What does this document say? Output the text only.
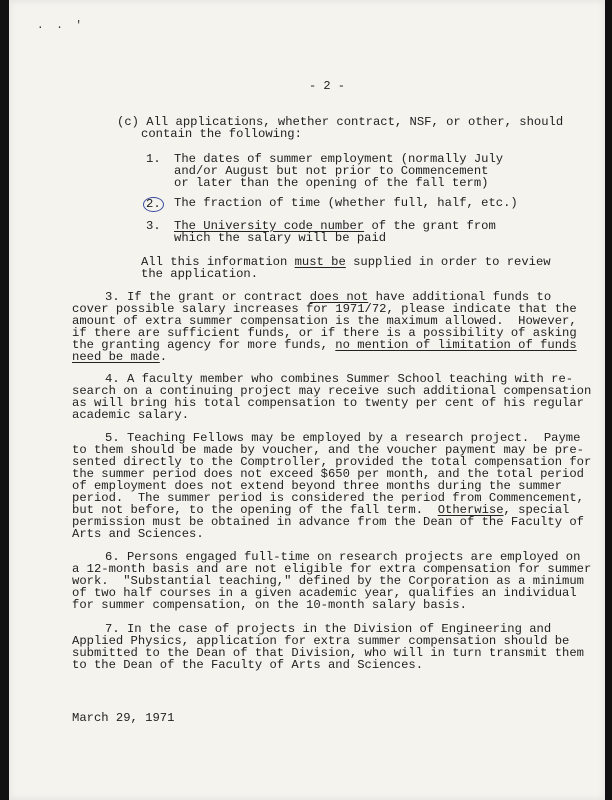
. . '
- 2 -
(c) All applications, whether contract, NSF, or other, should
contain the following:
1. The dates of summer employment (normally July
and/or August but not prior to Commencement
or later than the opening of the fall term)
2. The fraction of time (whether full, half, etc.)
3. The University code number of the grant from
which the salary will be paid
All this information must be supplied in order to review
the application.
3. If the grant or contract does not have additional funds to
cover possible salary increases for 1971/72, please indicate that the
amount of extra summer compensation is the maximum allowed.  However,
if there are sufficient funds, or if there is a possibility of asking
the granting agency for more funds, no mention of limitation of funds
need be made.
4. A faculty member who combines Summer School teaching with re-
search on a continuing project may receive such additional compensation
as will bring his total compensation to twenty per cent of his regular
academic salary.
5. Teaching Fellows may be employed by a research project.  Payme
to them should be made by voucher, and the voucher payment may be pre-
sented directly to the Comptroller, provided the total compensation for
the summer period does not exceed $650 per month, and the total period
of employment does not extend beyond three months during the summer
period.  The summer period is considered the period from Commencement,
but not before, to the opening of the fall term.  Otherwise, special
permission must be obtained in advance from the Dean of the Faculty of
Arts and Sciences.
6. Persons engaged full-time on research projects are employed on
a 12-month basis and are not eligible for extra compensation for summer
work.  "Substantial teaching," defined by the Corporation as a minimum
of two half courses in a given academic year, qualifies an individual
for summer compensation, on the 10-month salary basis.
7. In the case of projects in the Division of Engineering and
Applied Physics, application for extra summer compensation should be
submitted to the Dean of that Division, who will in turn transmit them
to the Dean of the Faculty of Arts and Sciences.
March 29, 1971
